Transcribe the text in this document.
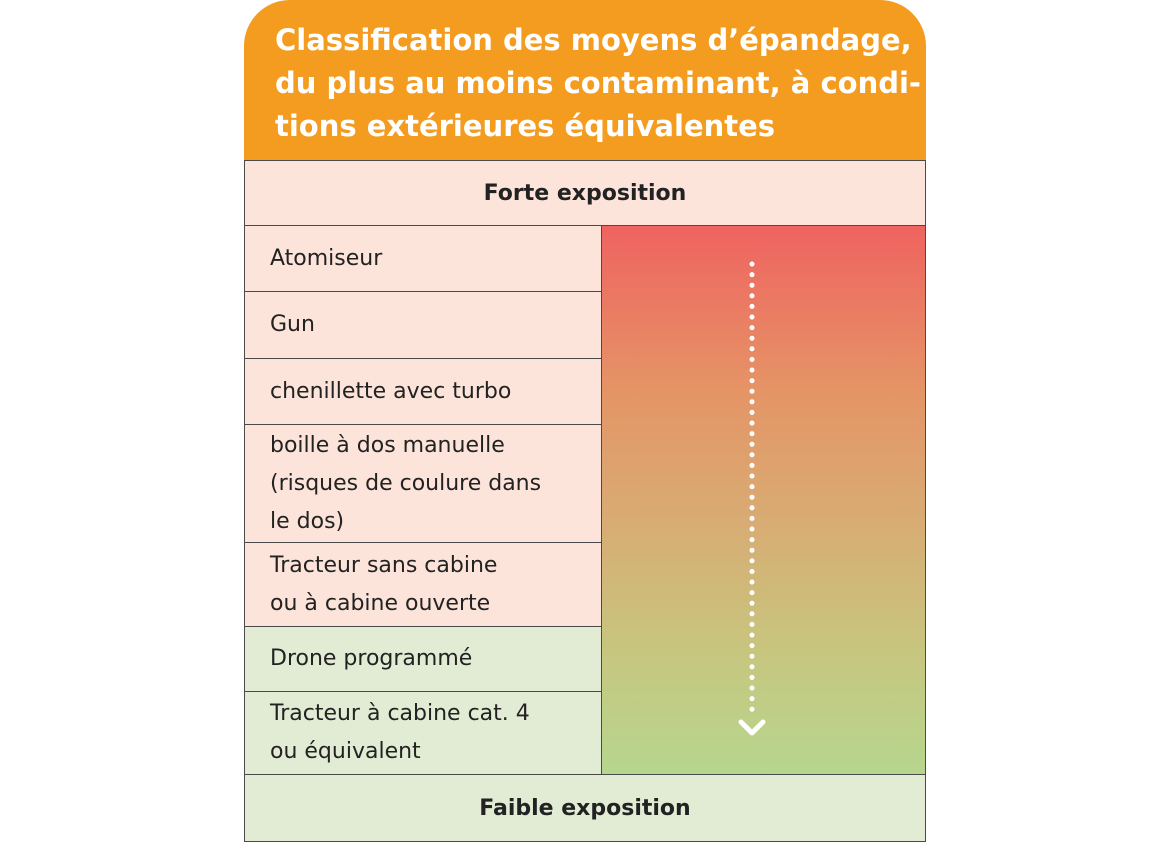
Classification des moyens d’épandage,
du plus au moins contaminant, à condi-
tions extérieures équivalentes
Forte exposition
Atomiseur
Gun
chenillette avec turbo
boille à dos manuelle
(risques de coulure dans
le dos)
Tracteur sans cabine
ou à cabine ouverte
Drone programmé
Tracteur à cabine cat. 4
ou équivalent
Faible exposition
